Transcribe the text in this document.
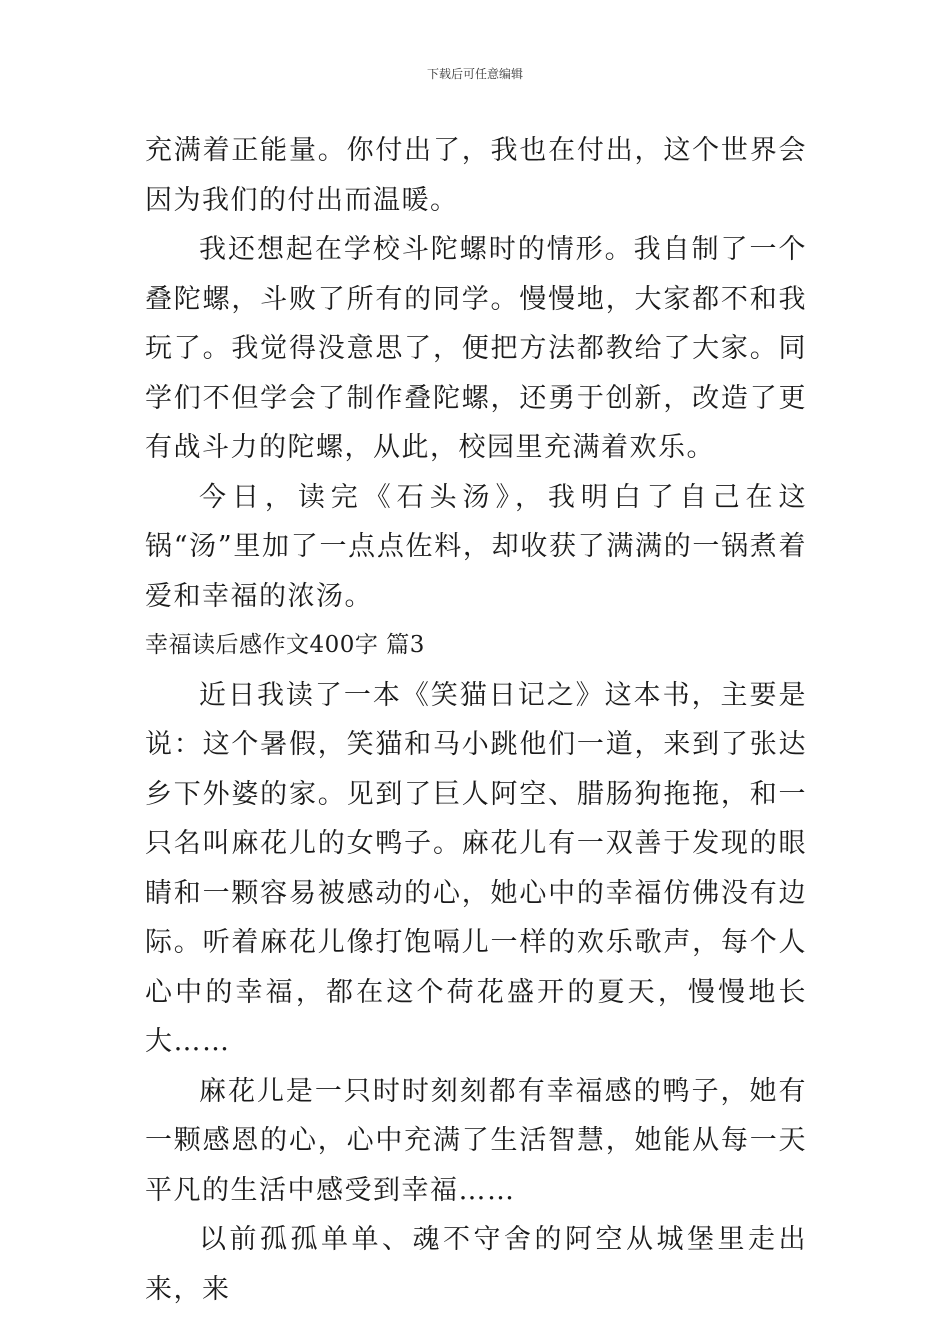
下载后可任意编辑

充满着正能量。你付出了，我也在付出，这个世界会因为我们的付出而温暖。

我还想起在学校斗陀螺时的情形。我自制了一个叠陀螺，斗败了所有的同学。慢慢地，大家都不和我玩了。我觉得没意思了，便把方法都教给了大家。同学们不但学会了制作叠陀螺，还勇于创新，改造了更有战斗力的陀螺，从此，校园里充满着欢乐。

今日，读完《石头汤》，我明白了自己在这锅“汤”里加了一点点佐料，却收获了满满的一锅煮着爱和幸福的浓汤。

幸福读后感作文400字 篇3

近日我读了一本《笑猫日记之》这本书，主要是说：这个暑假，笑猫和马小跳他们一道，来到了张达乡下外婆的家。见到了巨人阿空、腊肠狗拖拖，和一只名叫麻花儿的女鸭子。麻花儿有一双善于发现的眼睛和一颗容易被感动的心，她心中的幸福仿佛没有边际。听着麻花儿像打饱嗝儿一样的欢乐歌声，每个人心中的幸福，都在这个荷花盛开的夏天，慢慢地长大……

麻花儿是一只时时刻刻都有幸福感的鸭子，她有一颗感恩的心，心中充满了生活智慧，她能从每一天平凡的生活中感受到幸福……

以前孤孤单单、魂不守舍的阿空从城堡里走出来，来
